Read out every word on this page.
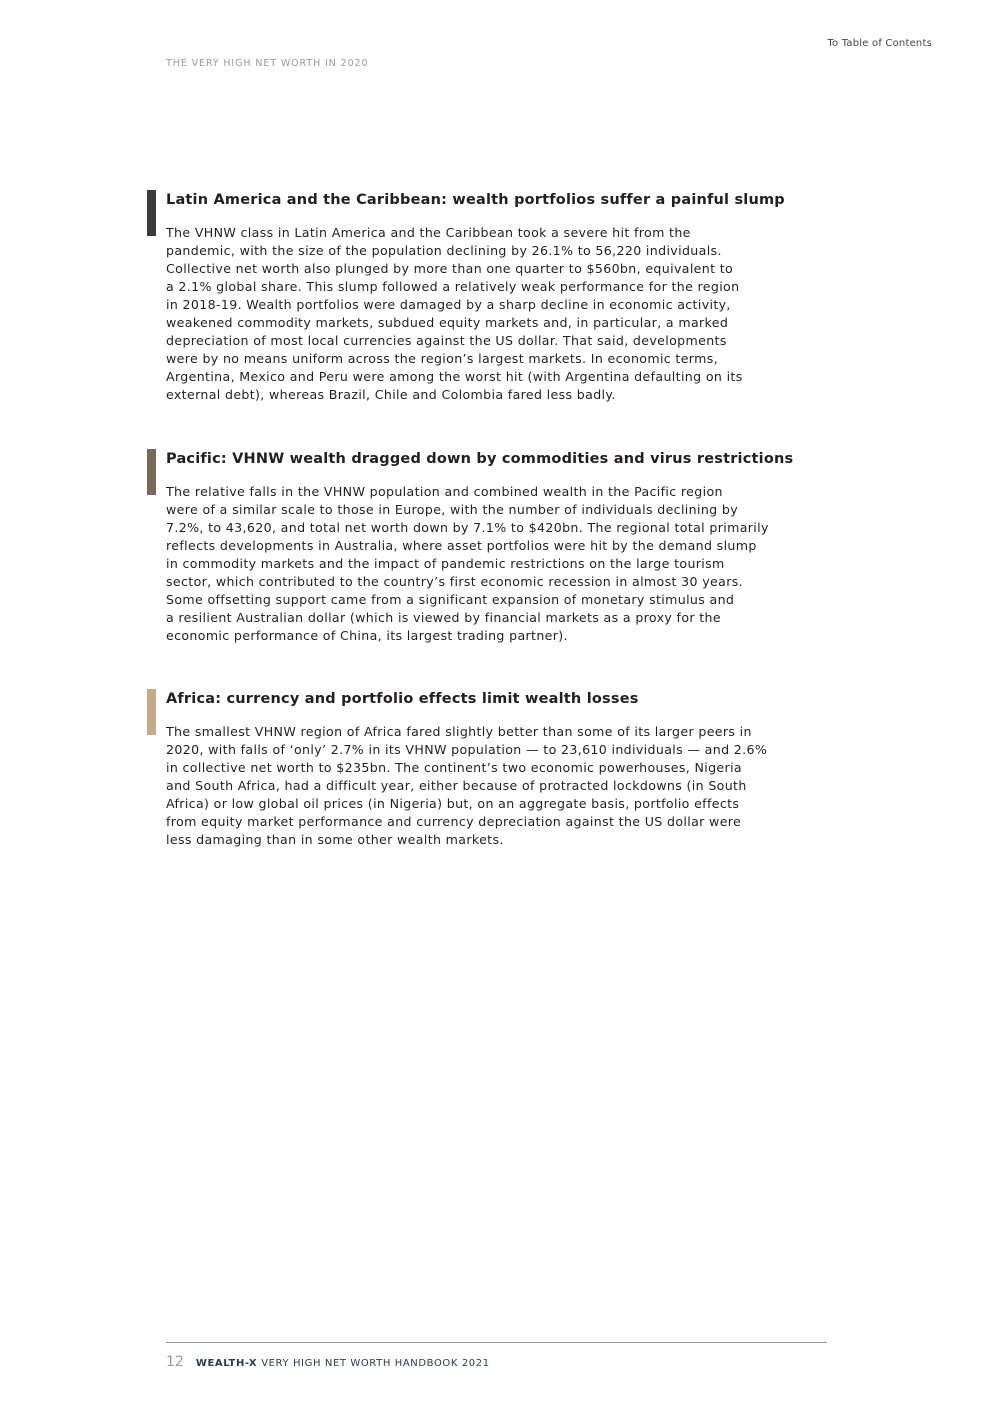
To Table of Contents
THE VERY HIGH NET WORTH IN 2020
Latin America and the Caribbean: wealth portfolios suffer a painful slump

The VHNW class in Latin America and the Caribbean took a severe hit from the
pandemic, with the size of the population declining by 26.1% to 56,220 individuals.
Collective net worth also plunged by more than one quarter to $560bn, equivalent to
a 2.1% global share. This slump followed a relatively weak performance for the region
in 2018-19. Wealth portfolios were damaged by a sharp decline in economic activity,
weakened commodity markets, subdued equity markets and, in particular, a marked
depreciation of most local currencies against the US dollar. That said, developments
were by no means uniform across the region’s largest markets. In economic terms,
Argentina, Mexico and Peru were among the worst hit (with Argentina defaulting on its
external debt), whereas Brazil, Chile and Colombia fared less badly.

Pacific: VHNW wealth dragged down by commodities and virus restrictions

The relative falls in the VHNW population and combined wealth in the Pacific region
were of a similar scale to those in Europe, with the number of individuals declining by
7.2%, to 43,620, and total net worth down by 7.1% to $420bn. The regional total primarily
reflects developments in Australia, where asset portfolios were hit by the demand slump
in commodity markets and the impact of pandemic restrictions on the large tourism
sector, which contributed to the country’s first economic recession in almost 30 years.
Some offsetting support came from a significant expansion of monetary stimulus and
a resilient Australian dollar (which is viewed by financial markets as a proxy for the
economic performance of China, its largest trading partner).

Africa: currency and portfolio effects limit wealth losses

The smallest VHNW region of Africa fared slightly better than some of its larger peers in
2020, with falls of ‘only’ 2.7% in its VHNW population — to 23,610 individuals — and 2.6%
in collective net worth to $235bn. The continent’s two economic powerhouses, Nigeria
and South Africa, had a difficult year, either because of protracted lockdowns (in South
Africa) or low global oil prices (in Nigeria) but, on an aggregate basis, portfolio effects
from equity market performance and currency depreciation against the US dollar were
less damaging than in some other wealth markets.

12 WEALTH-X VERY HIGH NET WORTH HANDBOOK 2021
